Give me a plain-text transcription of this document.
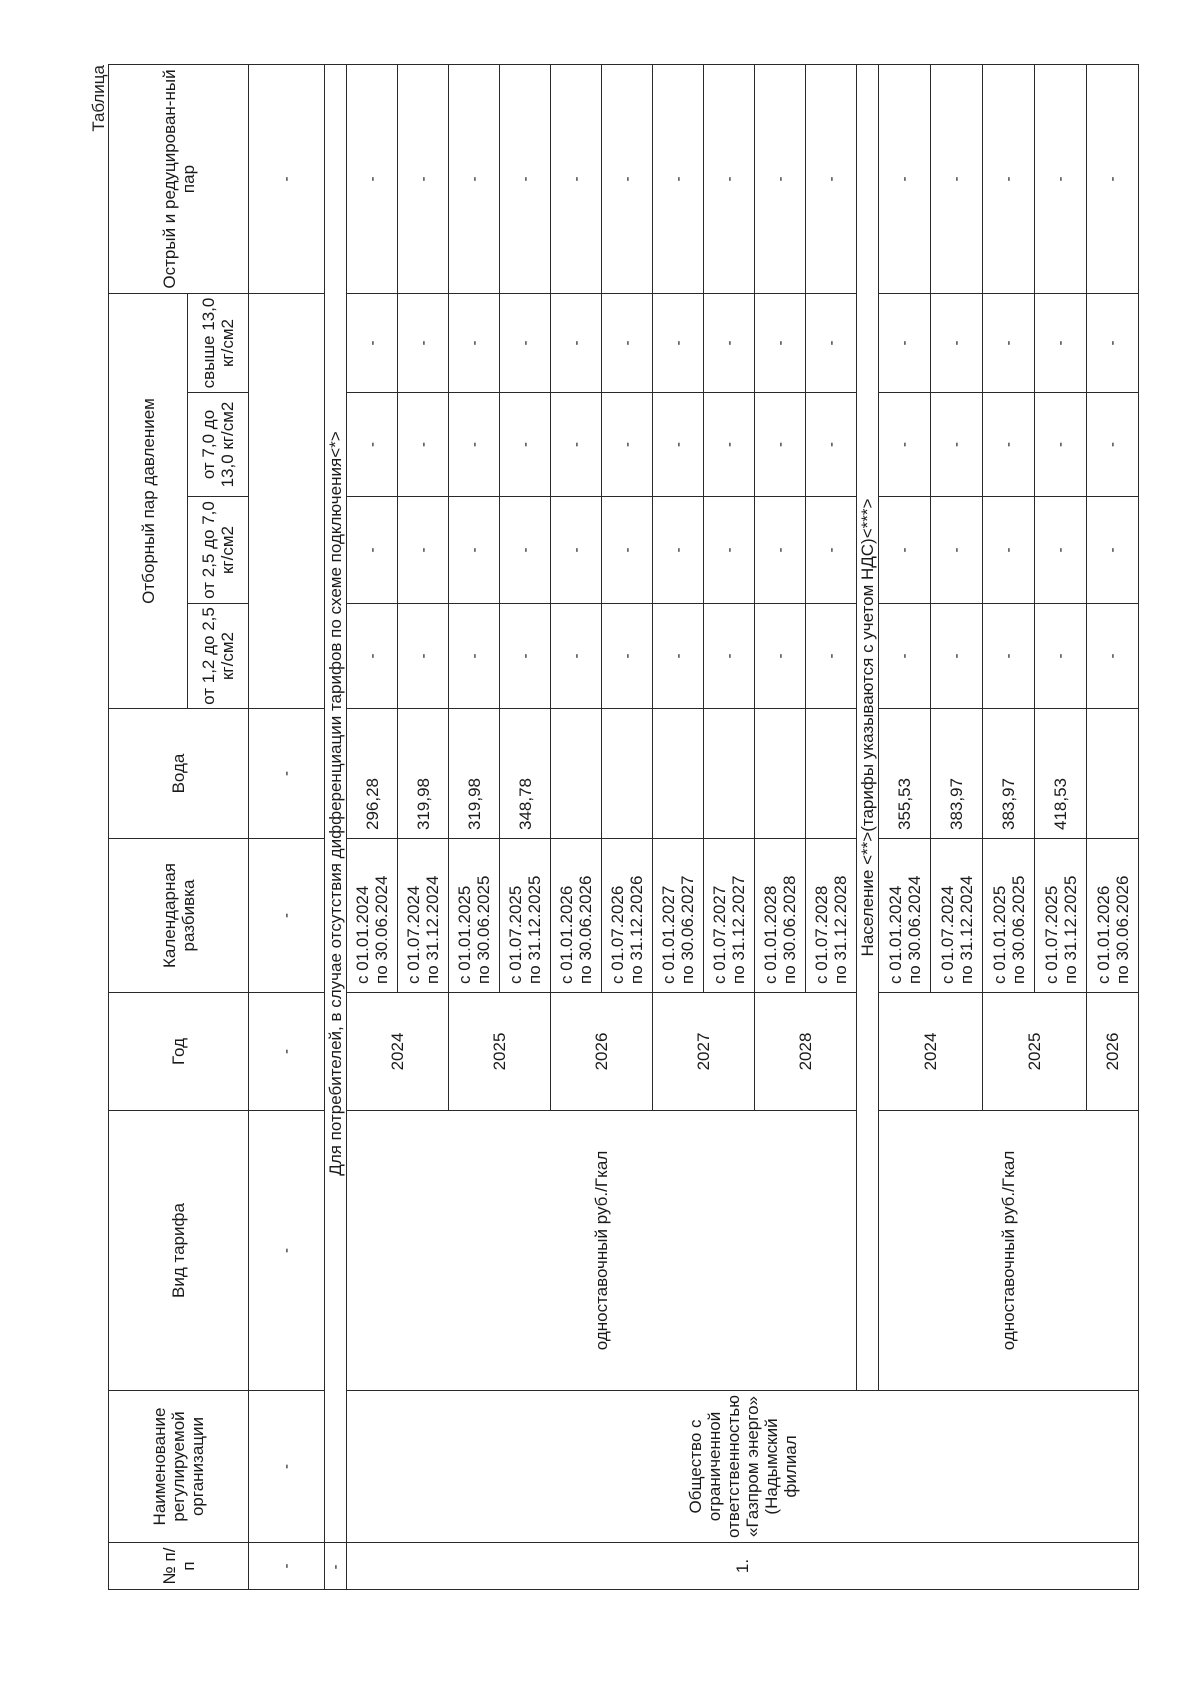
Таблица
№ п/п	Наименование регулируемой организации	Вид тарифа	Год	Календарная разбивка	Вода	Отборный пар давлением				Острый и редуцирован-ный пар
						от 1,2 до 2,5 кг/см2	от 2,5 до 7,0 кг/см2	от 7,0 до 13,0 кг/см2	свыше 13,0 кг/см2	
-	-	-	-	-	-					-
-	Для потребителей, в случае отсутствия дифференциации тарифов по схеме подключения<*>									
1.	Общество с ограниченной ответственностью «Газпром энерго» (Надымский филиал	одноставочный руб./Гкал	2024	с 01.01.2024 по 30.06.2024	296,28	-	-	-	-	-

				с 01.07.2024 по 31.12.2024	319,98	-	-	-	-	-
			2025	с 01.01.2025 по 30.06.2025	319,98	-	-	-	-	-

				с 01.07.2025 по 31.12.2025	348,78	-	-	-	-	-
			2026	с 01.01.2026 по 30.06.2026		-	-	-	-	-

				с 01.07.2026 по 31.12.2026		-	-	-	-	-
			2027	с 01.01.2027 по 30.06.2027		-	-	-	-	-

				с 01.07.2027 по 31.12.2027		-	-	-	-	-
			2028	с 01.01.2028 по 30.06.2028		-	-	-	-	-

				с 01.07.2028 по 31.12.2028		-	-	-	-	-
		Население <**>(тарифы указываются с учетом НДС)<***>								
		одноставочный руб./Гкал	2024	с 01.01.2024 по 30.06.2024	355,53	-	-	-	-	-

				с 01.07.2024 по 31.12.2024	383,97	-	-	-	-	-
			2025	с 01.01.2025 по 30.06.2025	383,97	-	-	-	-	-

				с 01.07.2025 по 31.12.2025	418,53	-	-	-	-	-
			2026	с 01.01.2026 по 30.06.2026		-	-	-	-	-
